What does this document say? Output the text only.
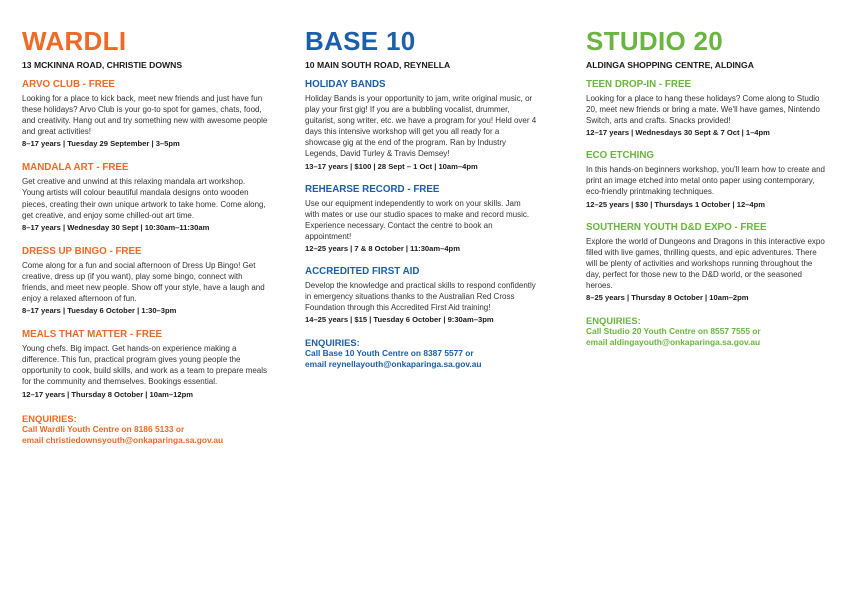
WARDLI

13 MCKINNA ROAD, CHRISTIE DOWNS

ARVO CLUB - FREE

Looking for a place to kick back, meet new friends and just have fun these holidays? Arvo Club is your go-to spot for games, chats, food, and creativity. Hang out and try something new with awesome people and great activities!

8–17 years | Tuesday 29 September | 3–5pm

MANDALA ART - FREE

Get creative and unwind at this relaxing mandala art workshop. Young artists will colour beautiful mandala designs onto wooden pieces, creating their own unique artwork to take home. Come along, get creative, and enjoy some chilled-out art time.

8–17 years | Wednesday 30 Sept | 10:30am–11:30am

DRESS UP BINGO - FREE

Come along for a fun and social afternoon of Dress Up Bingo! Get creative, dress up (if you want), play some bingo, connect with friends, and meet new people. Show off your style, have a laugh and enjoy a relaxed afternoon of fun.

8–17 years | Tuesday 6 October | 1:30–3pm

MEALS THAT MATTER - FREE

Young chefs. Big impact. Get hands-on experience making a difference. This fun, practical program gives young people the opportunity to cook, build skills, and work as a team to prepare meals for the community and themselves. Bookings essential.

12–17 years | Thursday 8 October | 10am–12pm

ENQUIRIES:

Call Wardli Youth Centre on 8186 5133 or

email christiedownsyouth@onkaparinga.sa.gov.au

BASE 10

10 MAIN SOUTH ROAD, REYNELLA

HOLIDAY BANDS

Holiday Bands is your opportunity to jam, write original music, or play your first gig! If you are a bubbling vocalist, drummer, guitarist, song writer, etc. we have a program for you! Held over 4 days this intensive workshop will get you all ready for a showcase gig at the end of the program. Ran by Industry Legends, David Turley & Travis Demsey!

13–17 years | $100 | 28 Sept – 1 Oct | 10am–4pm

REHEARSE RECORD - FREE

Use our equipment independently to work on your skills. Jam with mates or use our studio spaces to make and record music. Experience necessary. Contact the centre to book an appointment!

12–25 years | 7 & 8 October | 11:30am–4pm

ACCREDITED FIRST AID

Develop the knowledge and practical skills to respond confidently in emergency situations thanks to the Australian Red Cross Foundation through this Accredited First Aid training!

14–25 years | $15 | Tuesday 6 October | 9:30am–3pm

ENQUIRIES:

Call Base 10 Youth Centre on 8387 5577 or

email reynellayouth@onkaparinga.sa.gov.au

STUDIO 20

ALDINGA SHOPPING CENTRE, ALDINGA

TEEN DROP-IN - FREE

Looking for a place to hang these holidays? Come along to Studio 20, meet new friends or bring a mate. We'll have games, Nintendo Switch, arts and crafts. Snacks provided!

12–17 years | Wednesdays 30 Sept & 7 Oct | 1–4pm

ECO ETCHING

In this hands-on beginners workshop, you'll learn how to create and print an image etched into metal onto paper using contemporary, eco-friendly printmaking techniques.

12–25 years | $30 | Thursdays 1 October | 12–4pm

SOUTHERN YOUTH D&D EXPO - FREE

Explore the world of Dungeons and Dragons in this interactive expo filled with live games, thrilling quests, and epic adventures. There will be plenty of activities and workshops running throughout the day, perfect for those new to the D&D world, or the seasoned heroes.

8–25 years | Thursday 8 October | 10am–2pm

ENQUIRIES:

Call Studio 20 Youth Centre on 8557 7555 or

email aldingayouth@onkaparinga.sa.gov.au
